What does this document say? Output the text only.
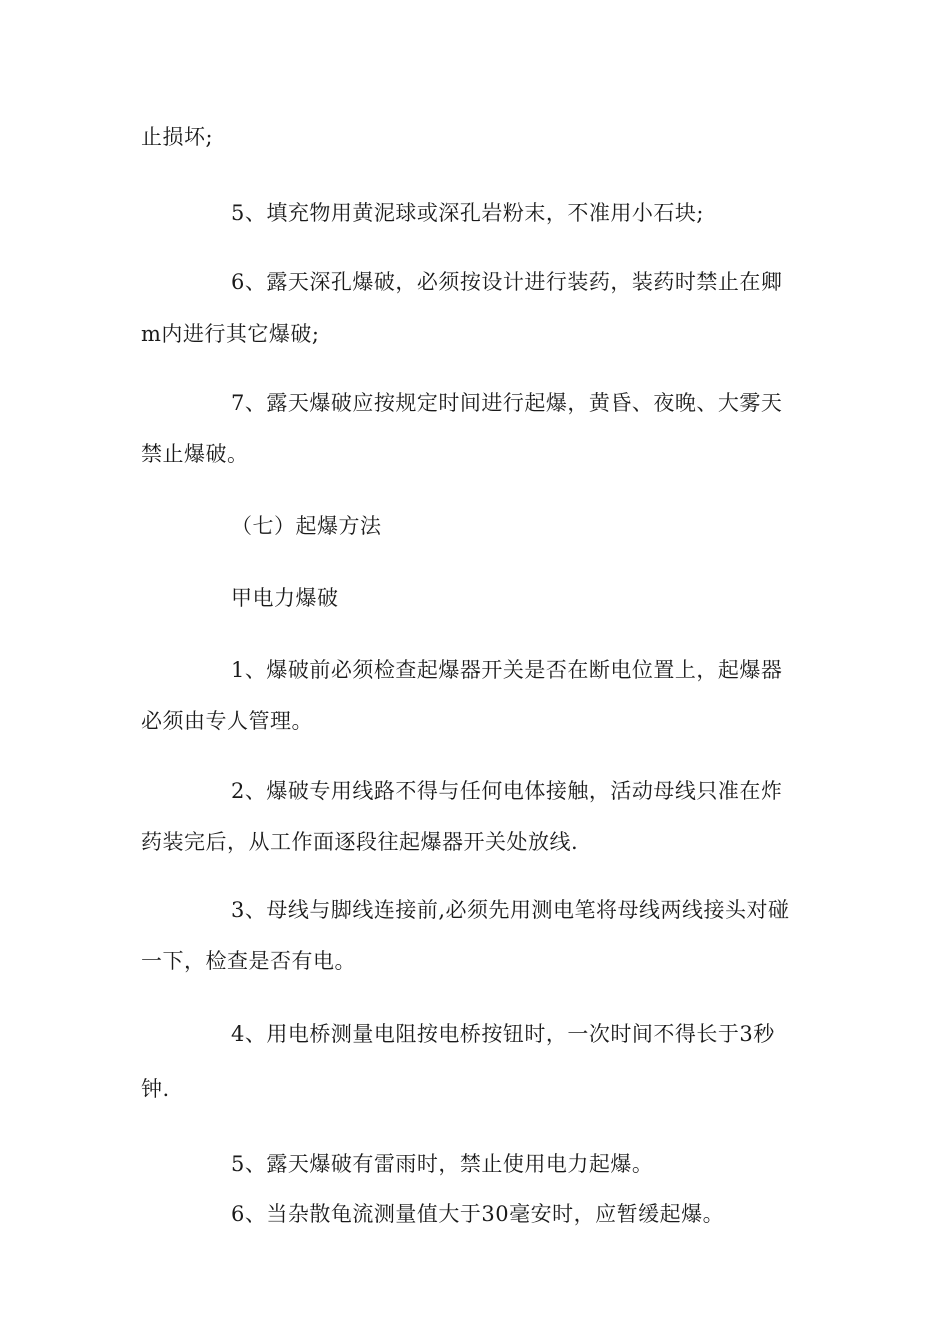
止损坏;
5、填充物用黄泥球或深孔岩粉末，不准用小石块;
6、露天深孔爆破，必须按设计进行装药，装药时禁止在卿
m内进行其它爆破;
7、露天爆破应按规定时间进行起爆，黄昏、夜晚、大雾天
禁止爆破。
（七）起爆方法
甲电力爆破
1、爆破前必须检查起爆器开关是否在断电位置上，起爆器
必须由专人管理。
2、爆破专用线路不得与任何电体接触，活动母线只准在炸
药装完后，从工作面逐段往起爆器开关处放线.
3、母线与脚线连接前,必须先用测电笔将母线两线接头对碰
一下，检查是否有电。
4、用电桥测量电阻按电桥按钮时，一次时间不得长于3秒
钟.
5、露天爆破有雷雨时，禁止使用电力起爆。
6、当杂散龟流测量值大于30毫安时，应暂缓起爆。
